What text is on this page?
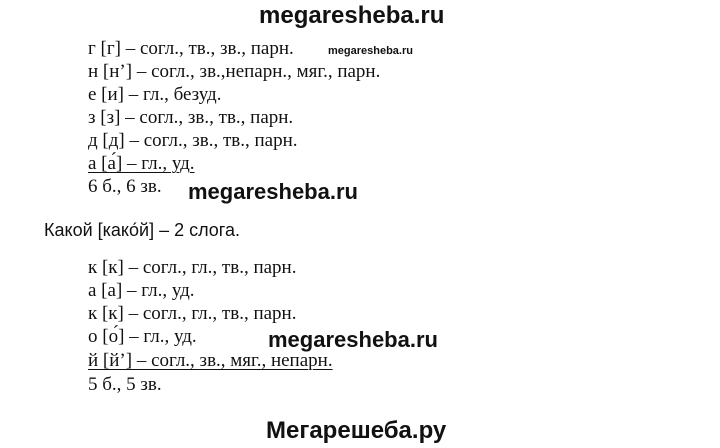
megaresheba.ru
г [г] – согл., тв., зв., парн.
н [н’] – согл., зв.,непарн., мяг., парн.
е [и] – гл., безуд.
з [з] – согл., зв., тв., парн.
д [д] – согл., зв., тв., парн.
а [а́] – гл., уд.
6 б., 6 зв.
megaresheba.ru
megaresheba.ru
Какой [како́й] – 2 слога.
к [к] – согл., гл., тв., парн.
а [а] – гл., уд.
к [к] – согл., гл., тв., парн.
о [о́] – гл., уд.
й [й’] – согл., зв., мяг., непарн.
5 б., 5 зв.
megaresheba.ru
Мегарешеба.ру
